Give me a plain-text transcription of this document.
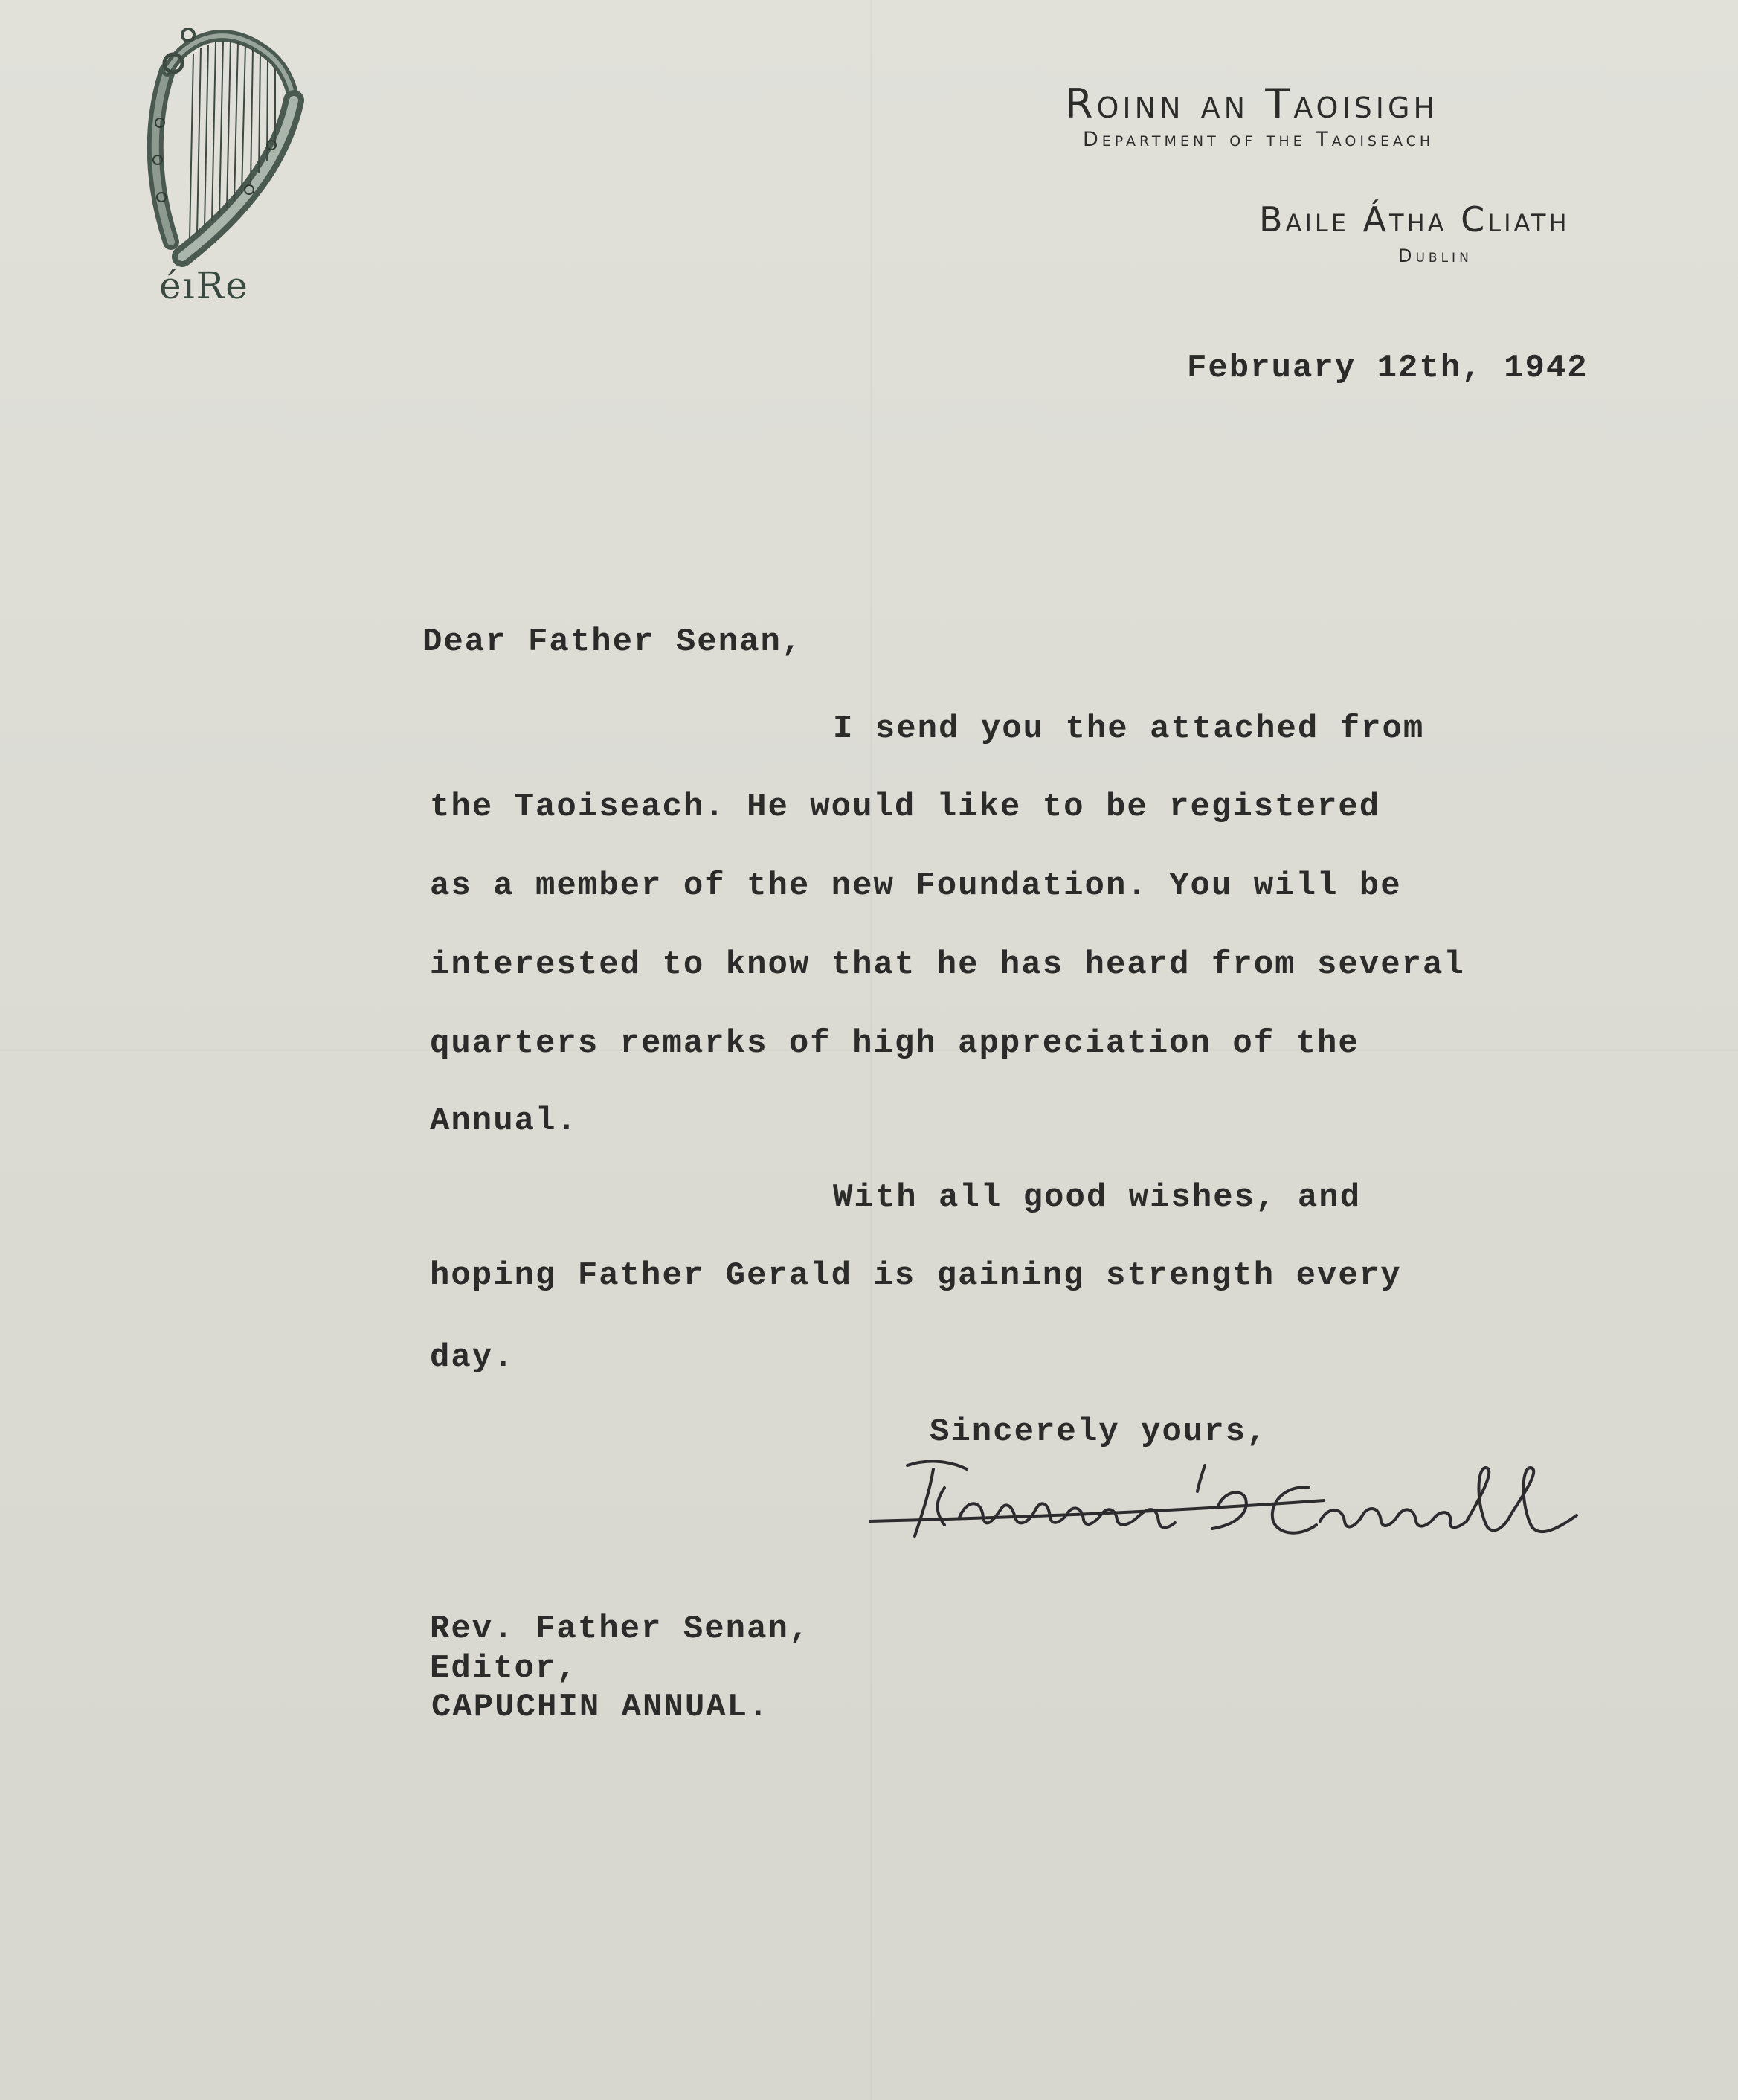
éıRe
Roinn an Taoisigh
Department of the Taoiseach
Baile Átha Cliath
Dublin
February 12th, 1942
Dear Father Senan,
I send you the attached from
the Taoiseach. He would like to be registered
as a member of the new Foundation. You will be
interested to know that he has heard from several
quarters remarks of high appreciation of the
Annual.
With all good wishes, and
hoping Father Gerald is gaining strength every
day.
Sincerely yours,
Rev. Father Senan,
Editor,
CAPUCHIN ANNUAL.
